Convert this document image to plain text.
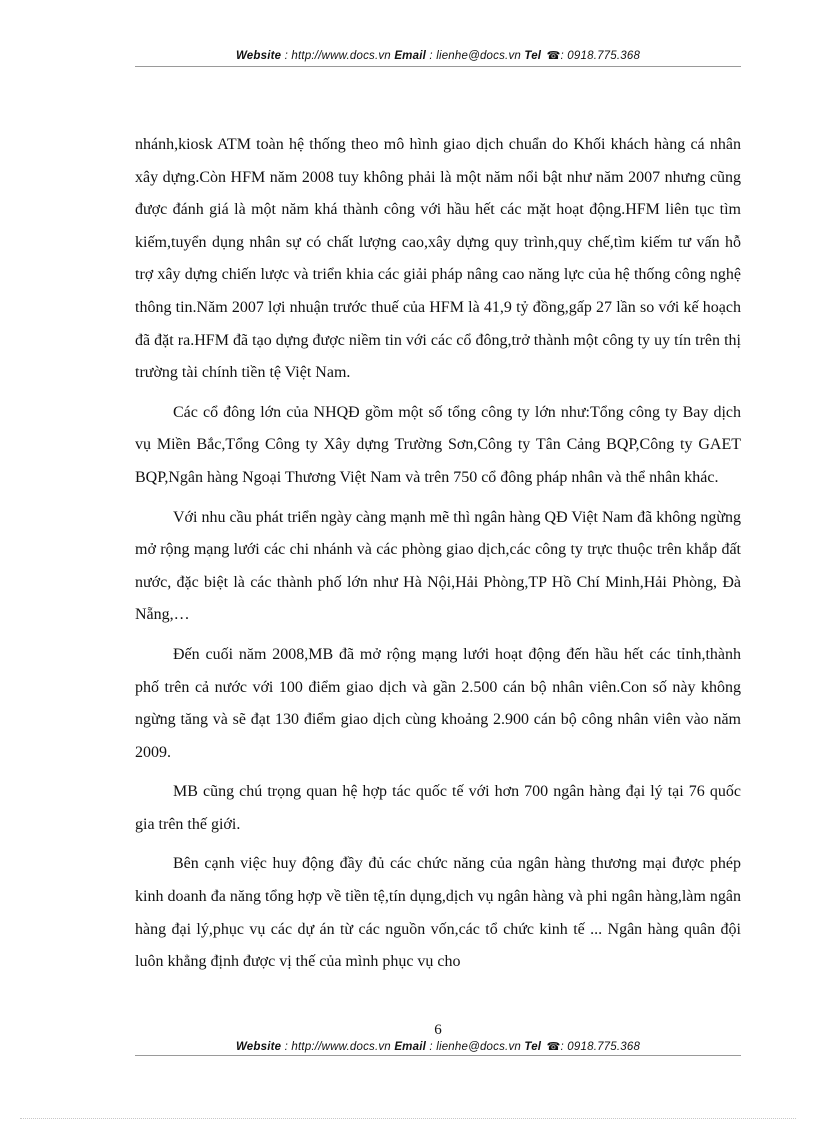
Website : http://www.docs.vn Email : lienhe@docs.vn Tel ☎: 0918.775.368

nhánh,kiosk ATM toàn hệ thống theo mô hình giao dịch chuẩn do Khối khách hàng cá nhân xây dựng.Còn HFM năm 2008 tuy không phải là một năm nổi bật như năm 2007 nhưng cũng được đánh giá là một năm khá thành công với hầu hết các mặt hoạt động.HFM liên tục tìm kiếm,tuyển dụng nhân sự có chất lượng cao,xây dựng quy trình,quy chế,tìm kiếm tư vấn hỗ trợ xây dựng chiến lược và triển khia các giải pháp nâng cao năng lực của hệ thống công nghệ thông tin.Năm 2007 lợi nhuận trước thuế của HFM là 41,9 tỷ đồng,gấp 27 lần so với kế hoạch đã đặt ra.HFM đã tạo dựng được niềm tin với các cổ đông,trở thành một công ty uy tín trên thị trường tài chính tiền tệ Việt Nam.

Các cổ đông lớn của NHQĐ gồm một số tổng công ty lớn như:Tổng công ty Bay dịch vụ Miền Bắc,Tổng Công ty Xây dựng Trường Sơn,Công ty Tân Cảng BQP,Công ty GAET BQP,Ngân hàng Ngoại Thương Việt Nam và trên 750 cổ đông pháp nhân và thể nhân khác.

Với nhu cầu phát triển ngày càng mạnh mẽ thì ngân hàng QĐ Việt Nam đã không ngừng mở rộng mạng lưới các chi nhánh và các phòng giao dịch,các công ty trực thuộc trên khắp đất nước, đặc biệt là các thành phố lớn như Hà Nội,Hải Phòng,TP Hồ Chí Minh,Hải Phòng, Đà Nẵng,…

Đến cuối năm 2008,MB đã mở rộng mạng lưới hoạt động đến hầu hết các tỉnh,thành phố trên cả nước với 100 điểm giao dịch và gần 2.500 cán bộ nhân viên.Con số này không ngừng tăng và sẽ đạt 130 điểm giao dịch cùng khoảng 2.900 cán bộ công nhân viên vào năm 2009.

MB cũng chú trọng quan hệ hợp tác quốc tế với hơn 700 ngân hàng đại lý tại 76 quốc gia trên thế giới.

Bên cạnh việc huy động đầy đủ các chức năng của ngân hàng thương mại được phép kinh doanh đa năng tổng hợp về tiền tệ,tín dụng,dịch vụ ngân hàng và phi ngân hàng,làm ngân hàng đại lý,phục vụ các dự án từ các nguồn vốn,các tổ chức kinh tế ... Ngân hàng quân đội luôn khẳng định được vị thế của mình phục vụ cho

6
Website : http://www.docs.vn Email : lienhe@docs.vn Tel ☎: 0918.775.368
